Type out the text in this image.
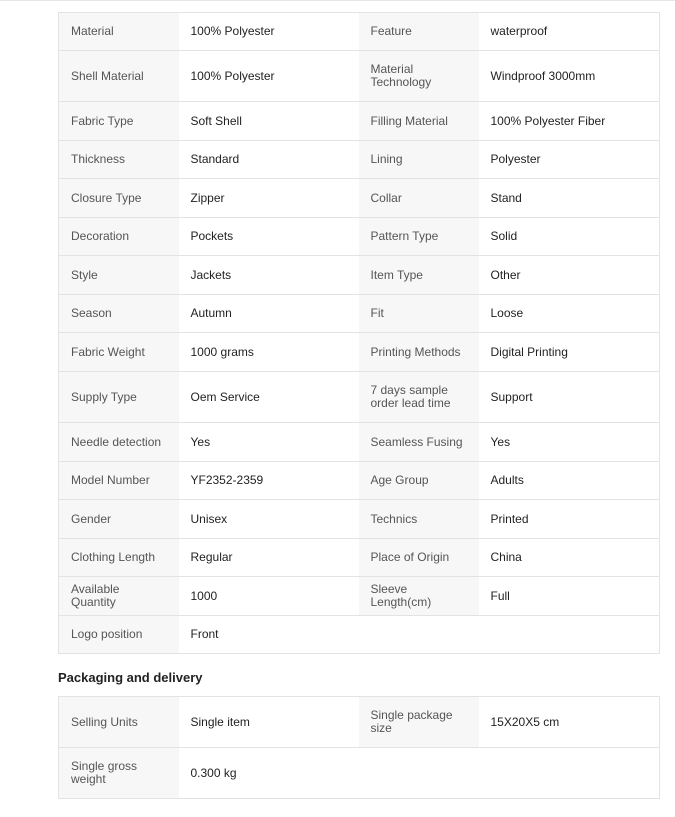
Material	100% Polyester	Feature	waterproof
Shell Material	100% Polyester	Material Technology	Windproof 3000mm
Fabric Type	Soft Shell	Filling Material	100% Polyester Fiber
Thickness	Standard	Lining	Polyester
Closure Type	Zipper	Collar	Stand
Decoration	Pockets	Pattern Type	Solid
Style	Jackets	Item Type	Other
Season	Autumn	Fit	Loose
Fabric Weight	1000 grams	Printing Methods	Digital Printing
Supply Type	Oem Service	7 days sample order lead time	Support
Needle detection	Yes	Seamless Fusing	Yes
Model Number	YF2352-2359	Age Group	Adults
Gender	Unisex	Technics	Printed
Clothing Length	Regular	Place of Origin	China
Available Quantity	1000	Sleeve Length(cm)	Full
Logo position	Front		
Packaging and delivery
Selling Units	Single item	Single package size	15X20X5 cm
Single gross weight	0.300 kg		
